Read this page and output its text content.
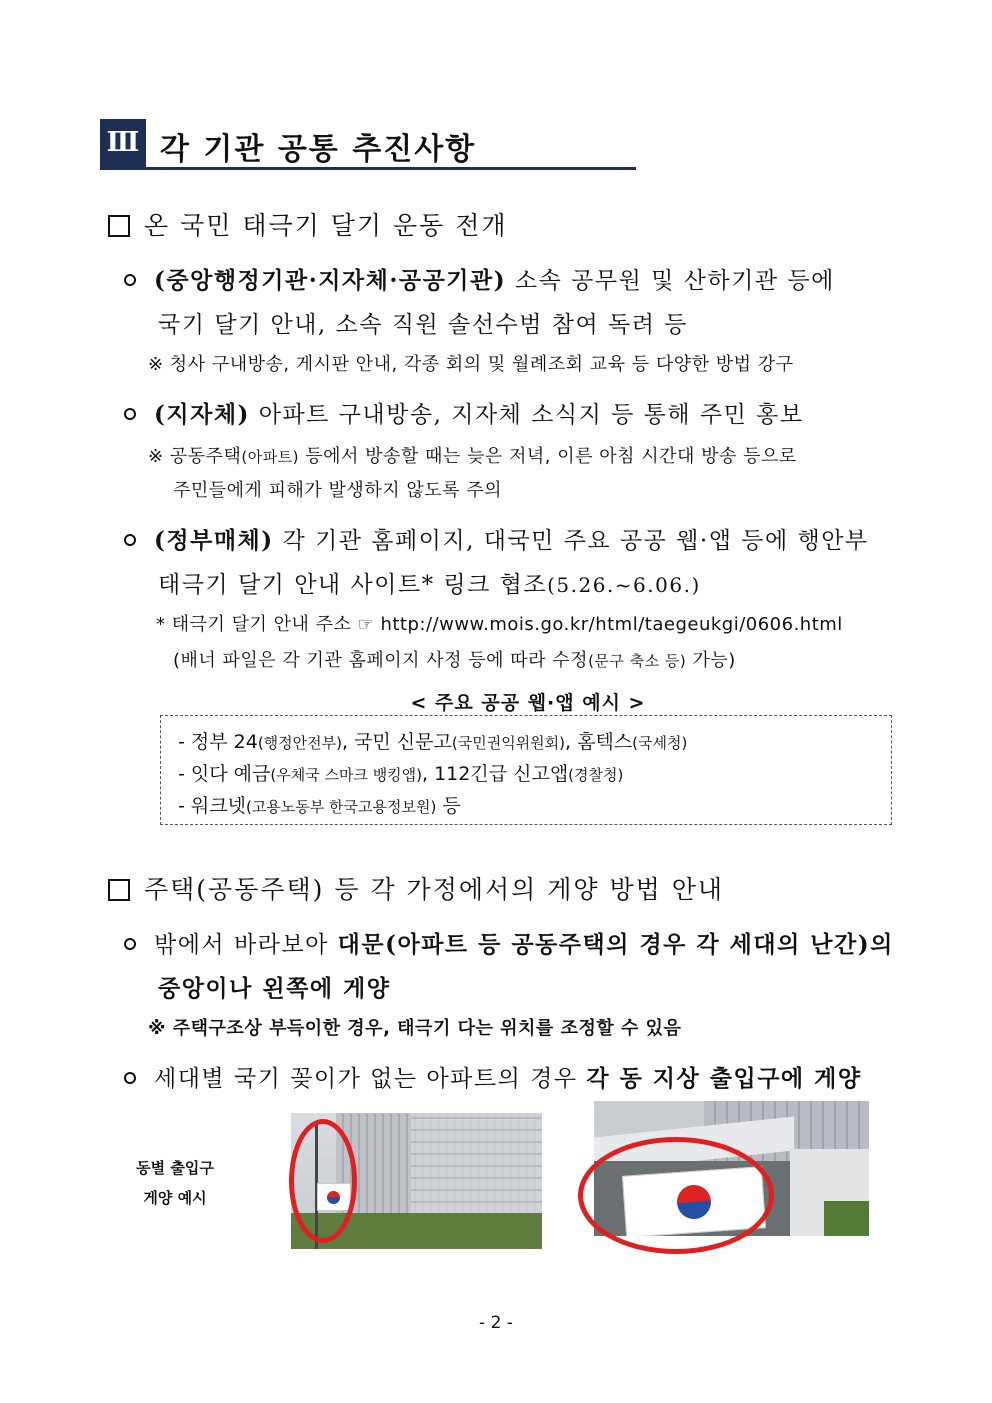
Ⅲ 각 기관 공통 추진사항
온 국민 태극기 달기 운동 전개
(중앙행정기관·지자체·공공기관) 소속 공무원 및 산하기관 등에
국기 달기 안내, 소속 직원 솔선수범 참여 독려 등
※ 청사 구내방송, 게시판 안내, 각종 회의 및 월례조회 교육 등 다양한 방법 강구
(지자체) 아파트 구내방송, 지자체 소식지 등 통해 주민 홍보
※ 공동주택(아파트) 등에서 방송할 때는 늦은 저녁, 이른 아침 시간대 방송 등으로
주민들에게 피해가 발생하지 않도록 주의
(정부매체) 각 기관 홈페이지, 대국민 주요 공공 웹·앱 등에 행안부
태극기 달기 안내 사이트* 링크 협조(5.26.~6.06.)
* 태극기 달기 안내 주소 ☞ http://www.mois.go.kr/html/taegeukgi/0606.html
(배너 파일은 각 기관 홈페이지 사정 등에 따라 수정(문구 축소 등) 가능)
< 주요 공공 웹·앱 예시 >
- 정부 24(행정안전부), 국민 신문고(국민권익위원회), 홈텍스(국세청)
- 잇다 예금(우체국 스마크 뱅킹앱), 112긴급 신고앱(경찰청)
- 워크넷(고용노동부 한국고용정보원) 등
주택(공동주택) 등 각 가정에서의 게양 방법 안내
밖에서 바라보아 대문(아파트 등 공동주택의 경우 각 세대의 난간)의
중앙이나 왼쪽에 게양
※ 주택구조상 부득이한 경우, 태극기 다는 위치를 조정할 수 있음
세대별 국기 꽂이가 없는 아파트의 경우 각 동 지상 출입구에 게양
동별 출입구
게양 예시
- 2 -
